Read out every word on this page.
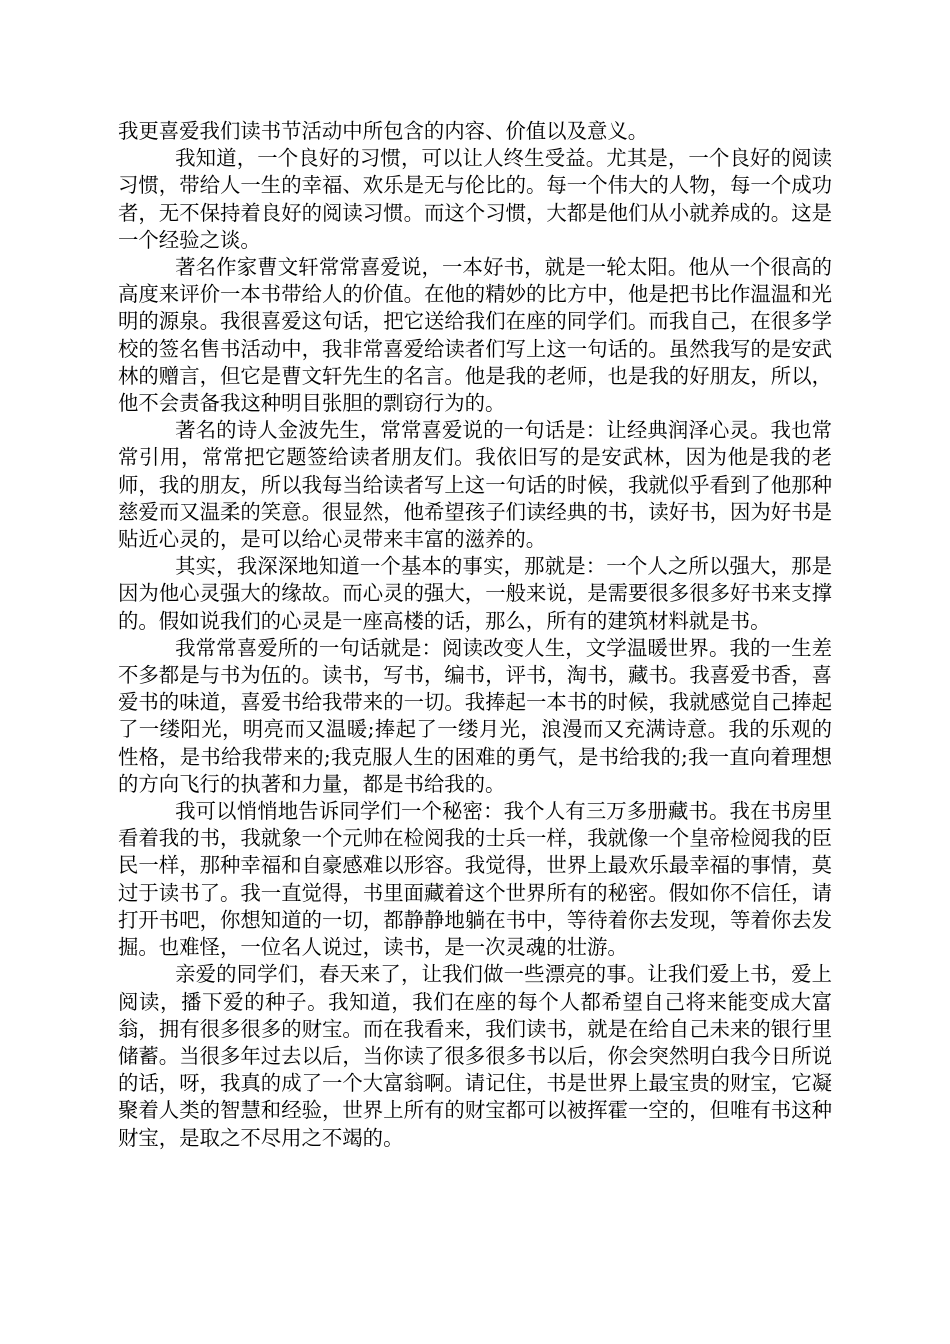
我更喜爱我们读书节活动中所包含的内容、价值以及意义。

我知道，一个良好的习惯，可以让人终生受益。尤其是，一个良好的阅读习惯，带给人一生的幸福、欢乐是无与伦比的。每一个伟大的人物，每一个成功者，无不保持着良好的阅读习惯。而这个习惯，大都是他们从小就养成的。这是一个经验之谈。

著名作家曹文轩常常喜爱说，一本好书，就是一轮太阳。他从一个很高的高度来评价一本书带给人的价值。在他的精妙的比方中，他是把书比作温温和光明的源泉。我很喜爱这句话，把它送给我们在座的同学们。而我自己，在很多学校的签名售书活动中，我非常喜爱给读者们写上这一句话的。虽然我写的是安武林的赠言，但它是曹文轩先生的名言。他是我的老师，也是我的好朋友，所以，他不会责备我这种明目张胆的剽窃行为的。

著名的诗人金波先生，常常喜爱说的一句话是：让经典润泽心灵。我也常常引用，常常把它题签给读者朋友们。我依旧写的是安武林，因为他是我的老师，我的朋友，所以我每当给读者写上这一句话的时候，我就似乎看到了他那种慈爱而又温柔的笑意。很显然，他希望孩子们读经典的书，读好书，因为好书是贴近心灵的，是可以给心灵带来丰富的滋养的。

其实，我深深地知道一个基本的事实，那就是：一个人之所以强大，那是因为他心灵强大的缘故。而心灵的强大，一般来说，是需要很多很多好书来支撑的。假如说我们的心灵是一座高楼的话，那么，所有的建筑材料就是书。

我常常喜爱所的一句话就是：阅读改变人生，文学温暖世界。我的一生差不多都是与书为伍的。读书，写书，编书，评书，淘书，藏书。我喜爱书香，喜爱书的味道，喜爱书给我带来的一切。我捧起一本书的时候，我就感觉自己捧起了一缕阳光，明亮而又温暖;捧起了一缕月光，浪漫而又充满诗意。我的乐观的性格，是书给我带来的;我克服人生的困难的勇气，是书给我的;我一直向着理想的方向飞行的执著和力量，都是书给我的。

我可以悄悄地告诉同学们一个秘密：我个人有三万多册藏书。我在书房里看着我的书，我就象一个元帅在检阅我的士兵一样，我就像一个皇帝检阅我的臣民一样，那种幸福和自豪感难以形容。我觉得，世界上最欢乐最幸福的事情，莫过于读书了。我一直觉得，书里面藏着这个世界所有的秘密。假如你不信任，请打开书吧，你想知道的一切，都静静地躺在书中，等待着你去发现，等着你去发掘。也难怪，一位名人说过，读书，是一次灵魂的壮游。

亲爱的同学们，春天来了，让我们做一些漂亮的事。让我们爱上书，爱上阅读，播下爱的种子。我知道，我们在座的每个人都希望自己将来能变成大富翁，拥有很多很多的财宝。而在我看来，我们读书，就是在给自己未来的银行里储蓄。当很多年过去以后，当你读了很多很多书以后，你会突然明白我今日所说的话，呀，我真的成了一个大富翁啊。请记住，书是世界上最宝贵的财宝，它凝聚着人类的智慧和经验，世界上所有的财宝都可以被挥霍一空的，但唯有书这种财宝，是取之不尽用之不竭的。
